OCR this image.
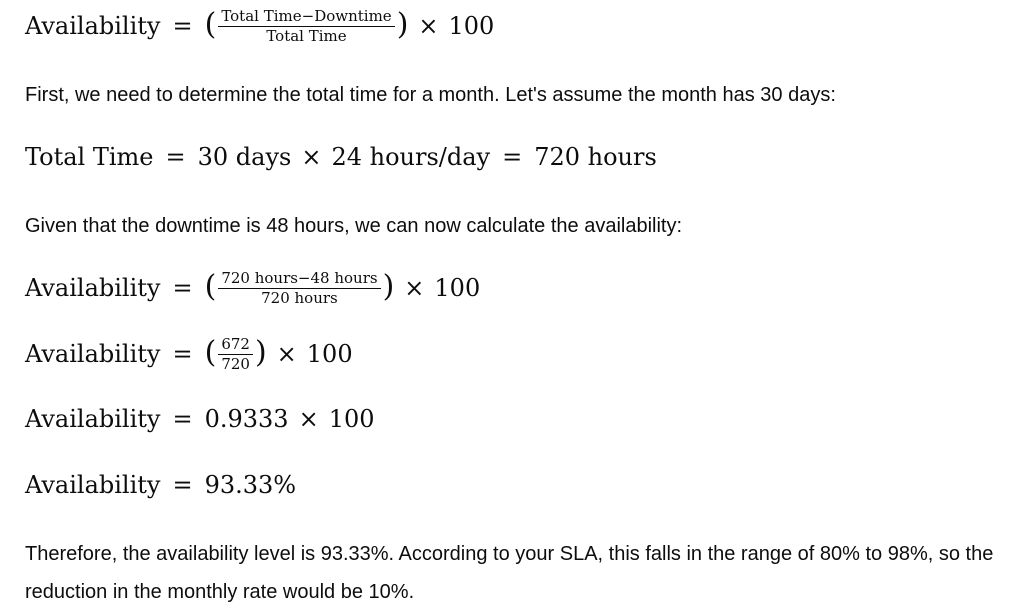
Availability = ( $\frac{\text{Total Time−Downtime}}{\text{Total Time}}$ ) × 100
First, we need to determine the total time for a month. Let's assume the month has 30 days:
Total Time = 30 days × 24 hours/day = 720 hours
Given that the downtime is 48 hours, we can now calculate the availability:
Availability = ( $\frac{\text{720 hours−48 hours}}{\text{720 hours}}$ ) × 100
Availability = ( $\frac{672}{720}$ ) × 100
Availability = 0.9333 × 100
Availability = 93.33%
Therefore, the availability level is 93.33%. According to your SLA, this falls in the range of 80% to 98%, so the reduction in the monthly rate would be 10%.
